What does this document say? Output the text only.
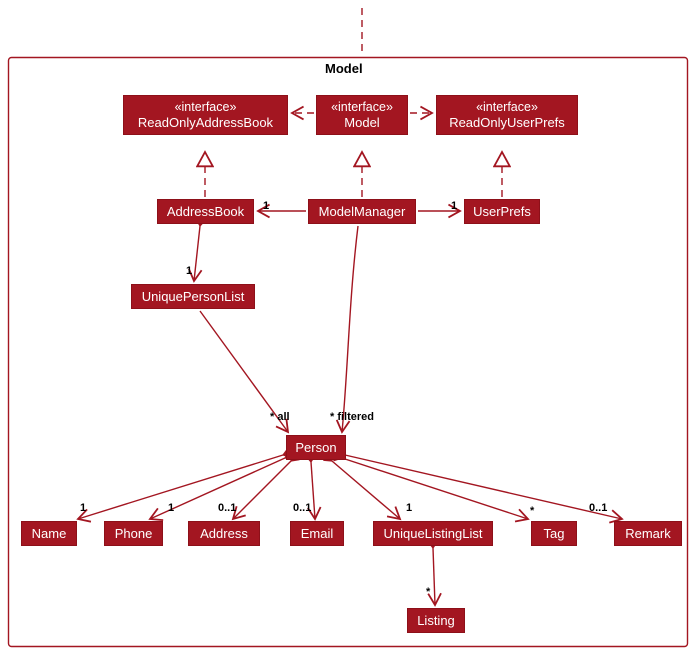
Model
«interface»
ReadOnlyAddressBook
«interface»
Model
«interface»
ReadOnlyUserPrefs
AddressBook	ModelManager	UserPrefs
UniquePersonList
Person
Name	Phone	Address	Email	UniqueListingList	Tag	Remark
Listing
1	1
1
* all	* filtered
1	1	0..1	0..1	1	*	0..1
*
